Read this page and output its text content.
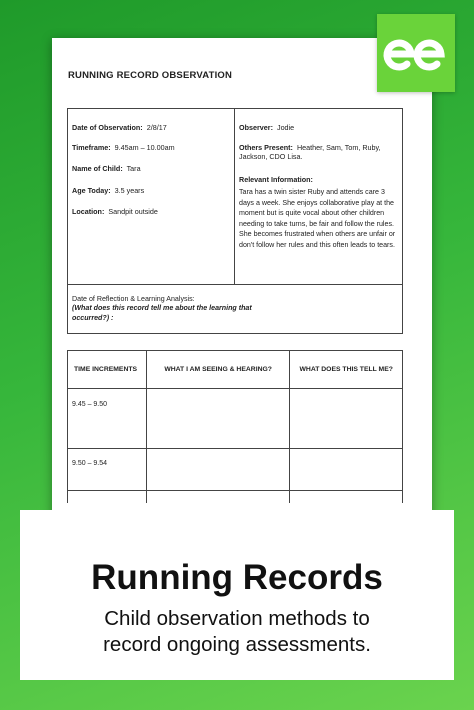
RUNNING RECORD OBSERVATION
Date of Observation: 2/8/17
Timeframe: 9.45am – 10.00am
Name of Child: Tara
Age Today: 3.5 years
Location: Sandpit outside
Observer: Jodie
Others Present: Heather, Sam, Tom, Ruby, Jackson, CDO Lisa.
Relevant Information:
Tara has a twin sister Ruby and attends care 3 days a week. She enjoys collaborative play at the moment but is quite vocal about other children needing to take turns, be fair and follow the rules. She becomes frustrated when others are unfair or don't follow her rules and this often leads to tears.
Date of Reflection & Learning Analysis:
(What does this record tell me about the learning that occurred?) :
TIME INCREMENTS	WHAT I AM SEEING & HEARING?	WHAT DOES THIS TELL ME?
9.45 – 9.50		
9.50 – 9.54		

Running Records
Child observation methods to
record ongoing assessments.
